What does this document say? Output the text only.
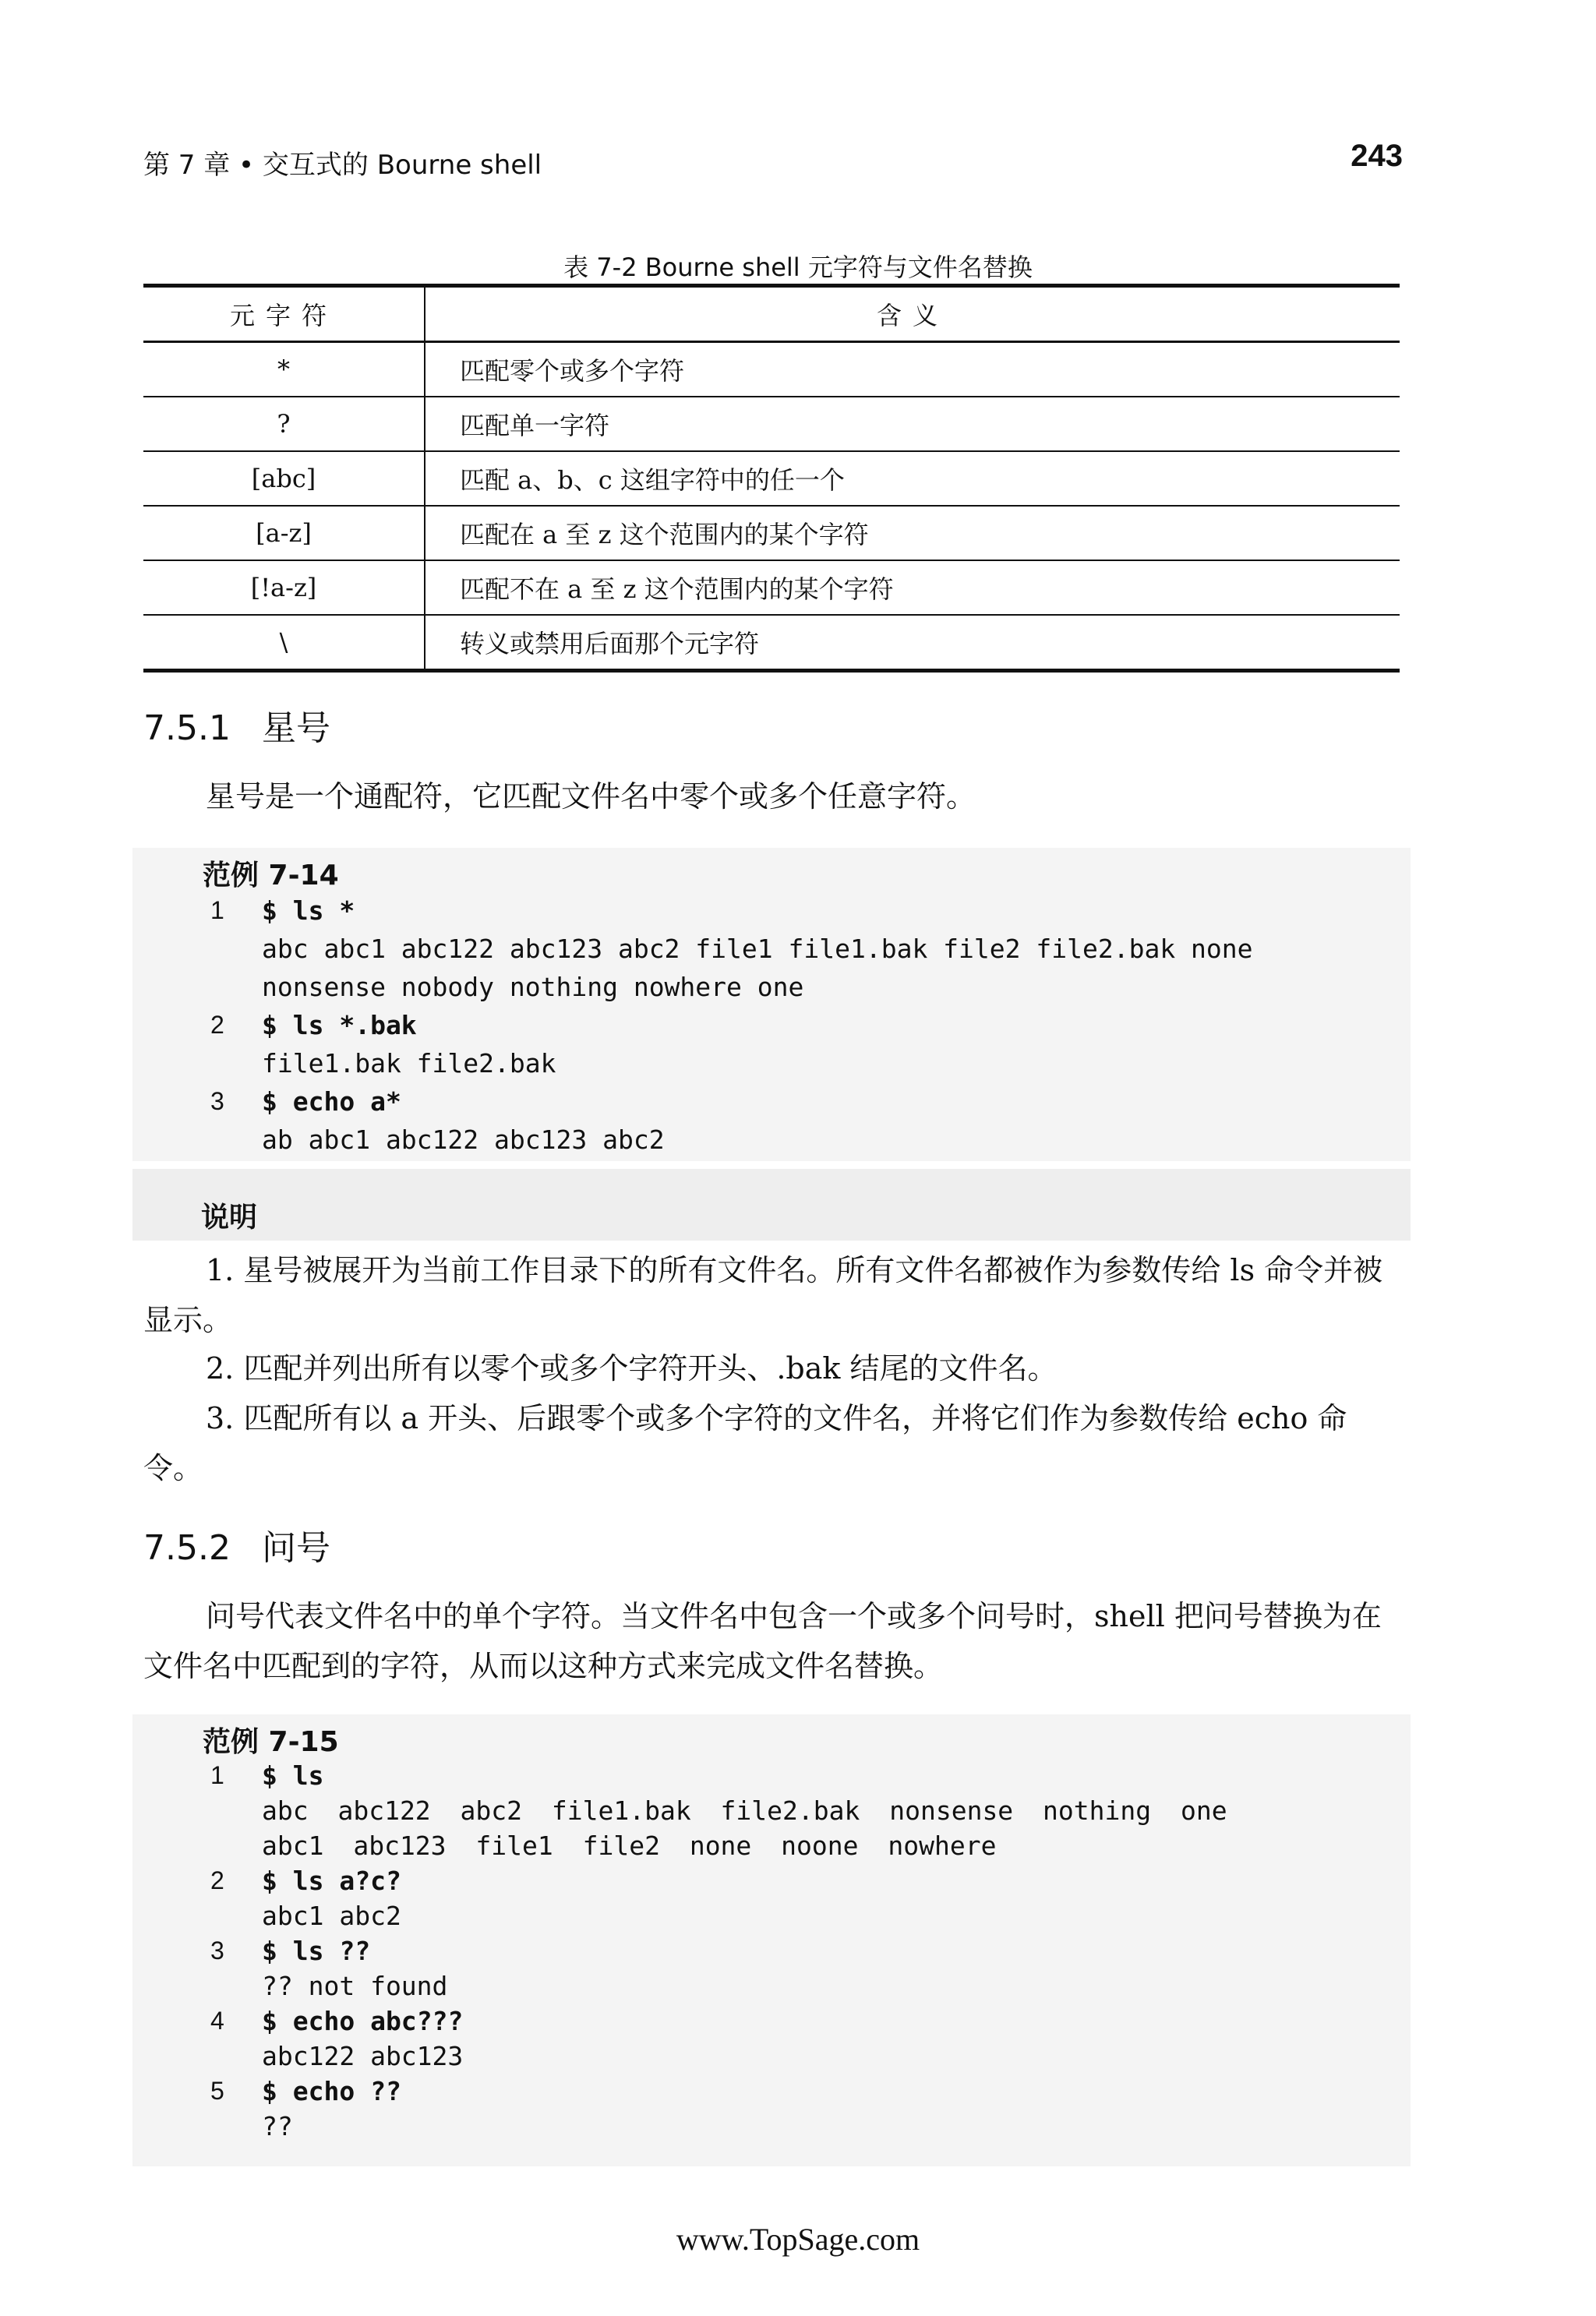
第 7 章 • 交互式的 Bourne shell	243
表 7-2 Bourne shell 元字符与文件名替换
元字符	含义
*	匹配零个或多个字符
?	匹配单一字符
[abc]	匹配 a、b、c 这组字符中的任一个
[a-z]	匹配在 a 至 z 这个范围内的某个字符
[!a-z]	匹配不在 a 至 z 这个范围内的某个字符
\	转义或禁用后面那个元字符
7.5.1 星号

星号是一个通配符，它匹配文件名中零个或多个任意字符。

范例 7-14
1 $ ls *
abc abc1 abc122 abc123 abc2 file1 file1.bak file2 file2.bak none
nonsense nobody nothing nowhere one
2 $ ls *.bak
file1.bak file2.bak
3 $ echo a*
ab abc1 abc122 abc123 abc2
说明

1. 星号被展开为当前工作目录下的所有文件名。所有文件名都被作为参数传给 ls 命令并被显示。

2. 匹配并列出所有以零个或多个字符开头、.bak 结尾的文件名。

3. 匹配所有以 a 开头、后跟零个或多个字符的文件名，并将它们作为参数传给 echo 命令。

7.5.2 问号

问号代表文件名中的单个字符。当文件名中包含一个或多个问号时，shell 把问号替换为在文件名中匹配到的字符，从而以这种方式来完成文件名替换。

范例 7-15
1 $ ls
abc abc122 abc2 file1.bak file2.bak nonsense nothing one
abc1 abc123 file1 file2 none noone nowhere
2 $ ls a?c?
abc1 abc2
3 $ ls ??
?? not found
4 $ echo abc???
abc122 abc123
5 $ echo ??
??
www.TopSage.com
